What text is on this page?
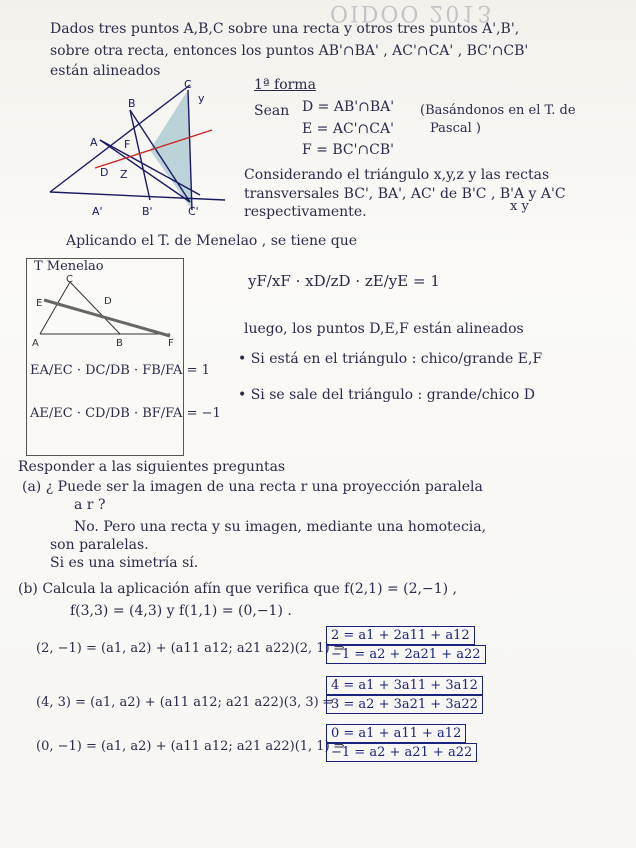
OIDOO 2013
Dados tres puntos A,B,C sobre una recta y otros tres puntos A',B',
sobre otra recta, entonces los puntos AB'∩BA' , AC'∩CA' , BC'∩CB'
están alineados
B
A
C
D
A'	B'	C'
F
Z
y
1ª forma
Sean D = AB'∩BA'
E = AC'∩CA'
F = BC'∩CB'
(Basándonos en el T. de
Pascal )
Considerando el triángulo x,y,z y las rectas
transversales BC', BA', AC' de B'C , B'A y A'C
x y
respectivamente.
Aplicando el T. de Menelao , se tiene que
T Menelao
C
E	D
A	B	F
EA/EC · DC/DB · FB/FA = 1
AE/EC · CD/DB · BF/FA = −1
yF/xF · xD/zD · zE/yE = 1
luego, los puntos D,E,F están alineados
• Si está en el triángulo : chico/grande E,F
• Si se sale del triángulo : grande/chico D
Responder a las siguientes preguntas
(a) ¿ Puede ser la imagen de una recta r una proyección paralela
a r ?
No. Pero una recta y su imagen, mediante una homotecia,
son paralelas.
Si es una simetría sí.
(b) Calcula la aplicación afín que verifica que f(2,1) = (2,−1) ,
f(3,3) = (4,3) y f(1,1) = (0,−1) .
(2, −1) = (a1, a2) + (a11 a12; a21 a22)(2, 1) ⇒
2 = a1 + 2a11 + a12
−1 = a2 + 2a21 + a22
(4, 3) = (a1, a2) + (a11 a12; a21 a22)(3, 3) ⇒
4 = a1 + 3a11 + 3a12
3 = a2 + 3a21 + 3a22
(0, −1) = (a1, a2) + (a11 a12; a21 a22)(1, 1) ⇒
0 = a1 + a11 + a12
−1 = a2 + a21 + a22
